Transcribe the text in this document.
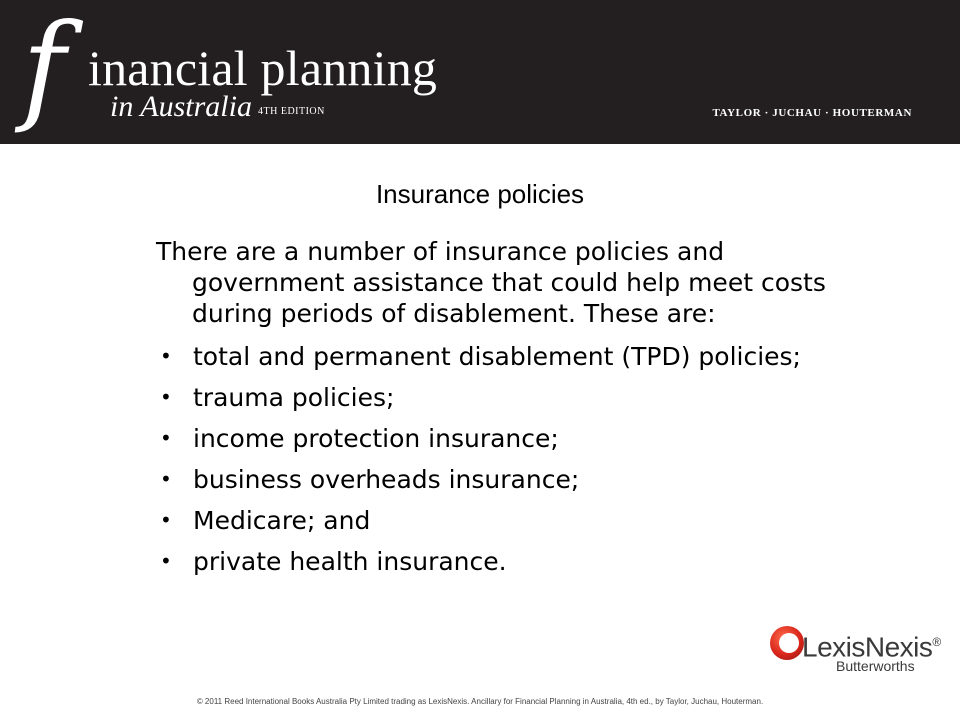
f inancial planning
in Australia 4TH EDITION	TAYLOR · JUCHAU · HOUTERMAN
Insurance policies

There are a number of insurance policies and government assistance that could help meet costs during periods of disablement. These are:

• total and permanent disablement (TPD) policies;
• trauma policies;
• income protection insurance;
• business overheads insurance;
• Medicare; and
• private health insurance.
LexisNexis®
Butterworths
© 2011 Reed International Books Australia Pty Limited trading as LexisNexis. Ancillary for Financial Planning in Australia, 4th ed., by Taylor, Juchau, Houterman.
